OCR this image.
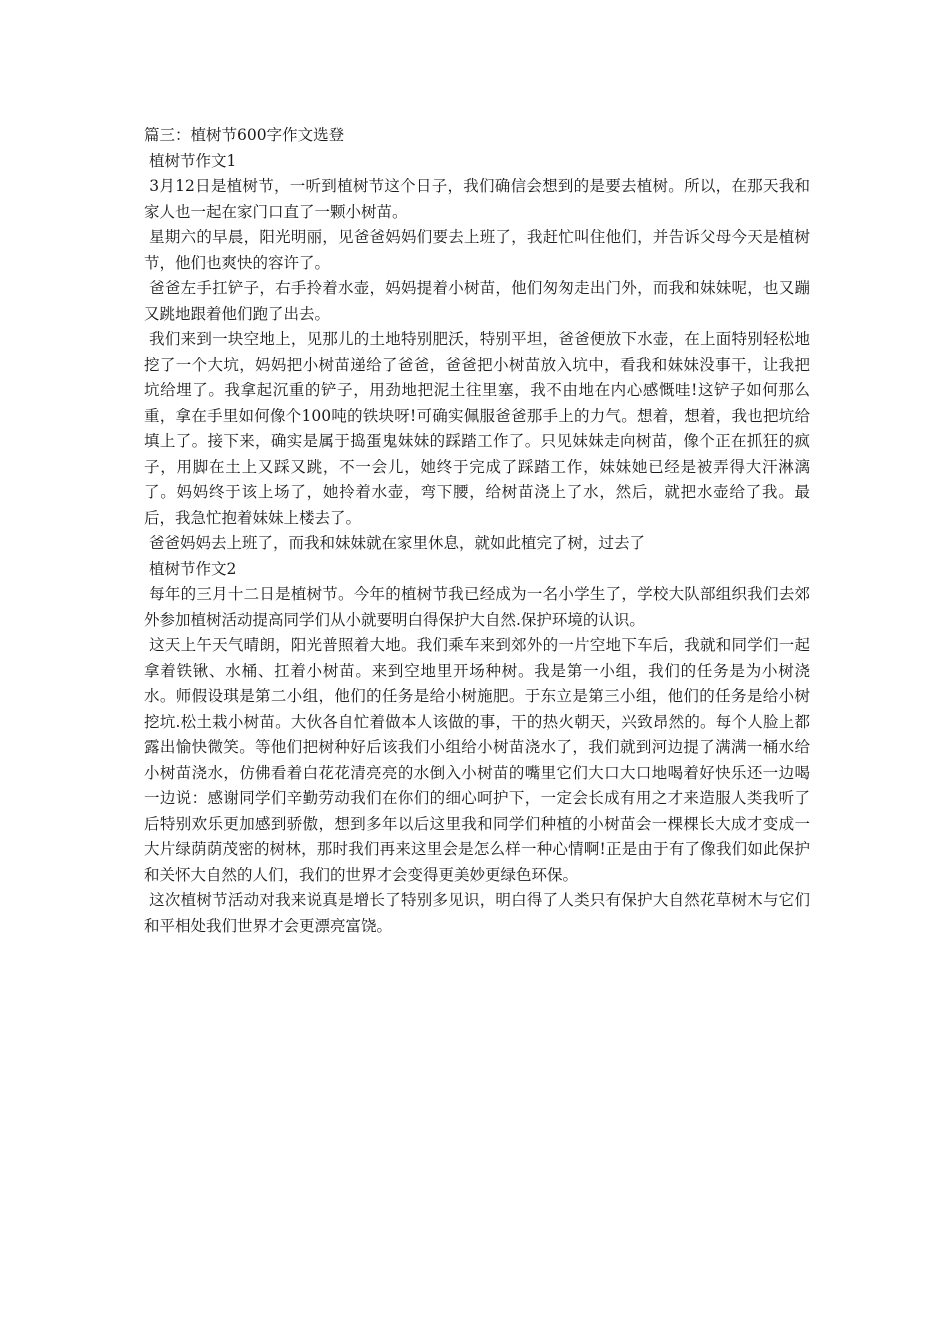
篇三：植树节600字作文选登

植树节作文1

3月12日是植树节，一听到植树节这个日子，我们确信会想到的是要去植树。所以，在那天我和家人也一起在家门口直了一颗小树苗。

星期六的早晨，阳光明丽，见爸爸妈妈们要去上班了，我赶忙叫住他们，并告诉父母今天是植树节，他们也爽快的容许了。

爸爸左手扛铲子，右手拎着水壶，妈妈提着小树苗，他们匆匆走出门外，而我和妹妹呢，也又蹦又跳地跟着他们跑了出去。

我们来到一块空地上，见那儿的土地特别肥沃，特别平坦，爸爸便放下水壶，在上面特别轻松地挖了一个大坑，妈妈把小树苗递给了爸爸，爸爸把小树苗放入坑中，看我和妹妹没事干，让我把坑给埋了。我拿起沉重的铲子，用劲地把泥土往里塞，我不由地在内心感慨哇!这铲子如何那么重，拿在手里如何像个100吨的铁块呀!可确实佩服爸爸那手上的力气。想着，想着，我也把坑给填上了。接下来，确实是属于捣蛋鬼妹妹的踩踏工作了。只见妹妹走向树苗，像个正在抓狂的疯子，用脚在土上又踩又跳，不一会儿，她终于完成了踩踏工作，妹妹她已经是被弄得大汗淋漓了。妈妈终于该上场了，她拎着水壶，弯下腰，给树苗浇上了水，然后，就把水壶给了我。最后，我急忙抱着妹妹上楼去了。

爸爸妈妈去上班了，而我和妹妹就在家里休息，就如此植完了树，过去了

植树节作文2

每年的三月十二日是植树节。今年的植树节我已经成为一名小学生了，学校大队部组织我们去郊外参加植树活动提高同学们从小就要明白得保护大自然.保护环境的认识。

这天上午天气晴朗，阳光普照着大地。我们乘车来到郊外的一片空地下车后，我就和同学们一起拿着铁锹、水桶、扛着小树苗。来到空地里开场种树。我是第一小组，我们的任务是为小树浇水。师假设琪是第二小组，他们的任务是给小树施肥。于东立是第三小组，他们的任务是给小树挖坑.松土栽小树苗。大伙各自忙着做本人该做的事，干的热火朝天，兴致昂然的。每个人脸上都露出愉快微笑。等他们把树种好后该我们小组给小树苗浇水了，我们就到河边提了满满一桶水给小树苗浇水，仿佛看着白花花清亮亮的水倒入小树苗的嘴里它们大口大口地喝着好快乐还一边喝一边说：感谢同学们辛勤劳动我们在你们的细心呵护下，一定会长成有用之才来造服人类我听了后特别欢乐更加感到骄傲，想到多年以后这里我和同学们种植的小树苗会一棵棵长大成才变成一大片绿荫荫茂密的树林，那时我们再来这里会是怎么样一种心情啊!正是由于有了像我们如此保护和关怀大自然的人们，我们的世界才会变得更美妙更绿色环保。

这次植树节活动对我来说真是增长了特别多见识，明白得了人类只有保护大自然花草树木与它们和平相处我们世界才会更漂亮富饶。
